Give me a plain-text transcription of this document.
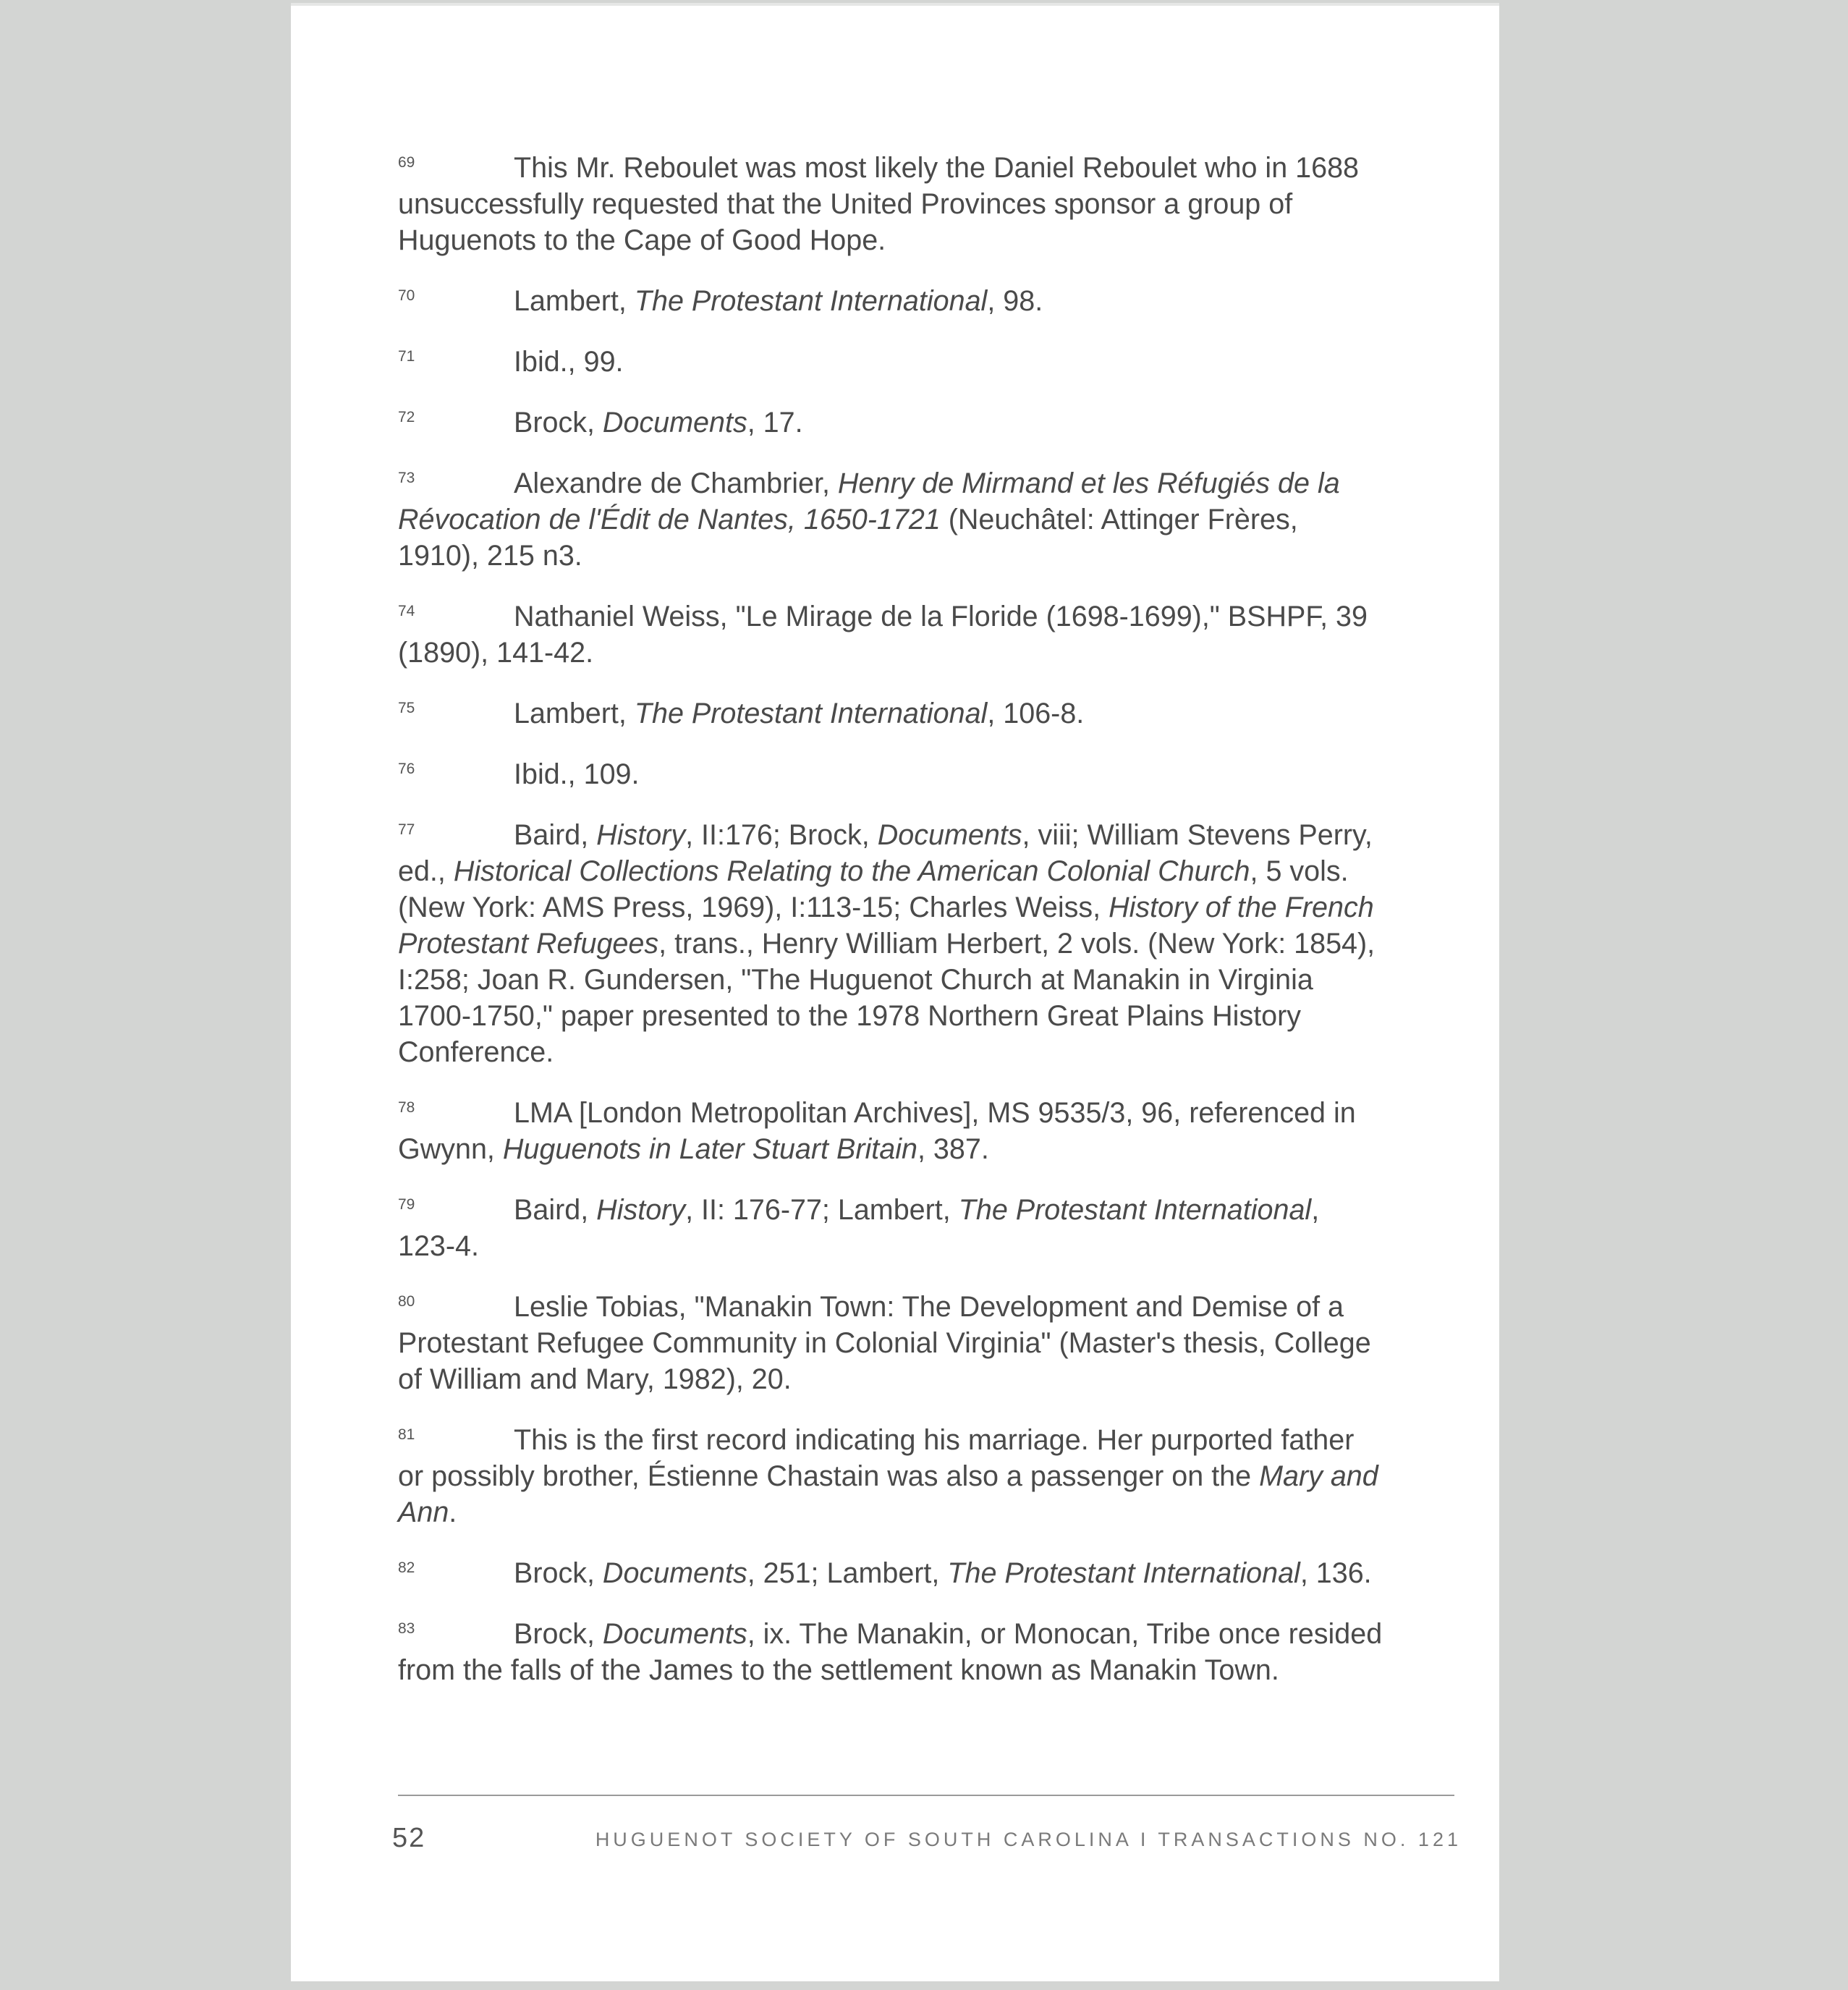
69	This Mr. Reboulet was most likely the Daniel Reboulet who in 1688 unsuccessfully requested that the United Provinces sponsor a group of Huguenots to the Cape of Good Hope.

70	Lambert, The Protestant International, 98.

71	Ibid., 99.

72	Brock, Documents, 17.

73	Alexandre de Chambrier, Henry de Mirmand et les Réfugiés de la Révocation de l'Édit de Nantes, 1650-1721 (Neuchâtel: Attinger Frères, 1910), 215 n3.

74	Nathaniel Weiss, "Le Mirage de la Floride (1698-1699)," BSHPF, 39 (1890), 141-42.

75	Lambert, The Protestant International, 106-8.

76	Ibid., 109.

77	Baird, History, II:176; Brock, Documents, viii; William Stevens Perry, ed., Historical Collections Relating to the American Colonial Church, 5 vols. (New York: AMS Press, 1969), I:113-15; Charles Weiss, History of the French Protestant Refugees, trans., Henry William Herbert, 2 vols. (New York: 1854), I:258; Joan R. Gundersen, "The Huguenot Church at Manakin in Virginia 1700-1750," paper presented to the 1978 Northern Great Plains History Conference.

78	LMA [London Metropolitan Archives], MS 9535/3, 96, referenced in Gwynn, Huguenots in Later Stuart Britain, 387.

79	Baird, History, II: 176-77; Lambert, The Protestant International, 123-4.

80	Leslie Tobias, "Manakin Town: The Development and Demise of a Protestant Refugee Community in Colonial Virginia" (Master's thesis, College of William and Mary, 1982), 20.

81	This is the first record indicating his marriage. Her purported father or possibly brother, Éstienne Chastain was also a passenger on the Mary and Ann.

82	Brock, Documents, 251; Lambert, The Protestant International, 136.

83	Brock, Documents, ix. The Manakin, or Monocan, Tribe once resided from the falls of the James to the settlement known as Manakin Town.

52	HUGUENOT SOCIETY OF SOUTH CAROLINA I TRANSACTIONS NO. 121
